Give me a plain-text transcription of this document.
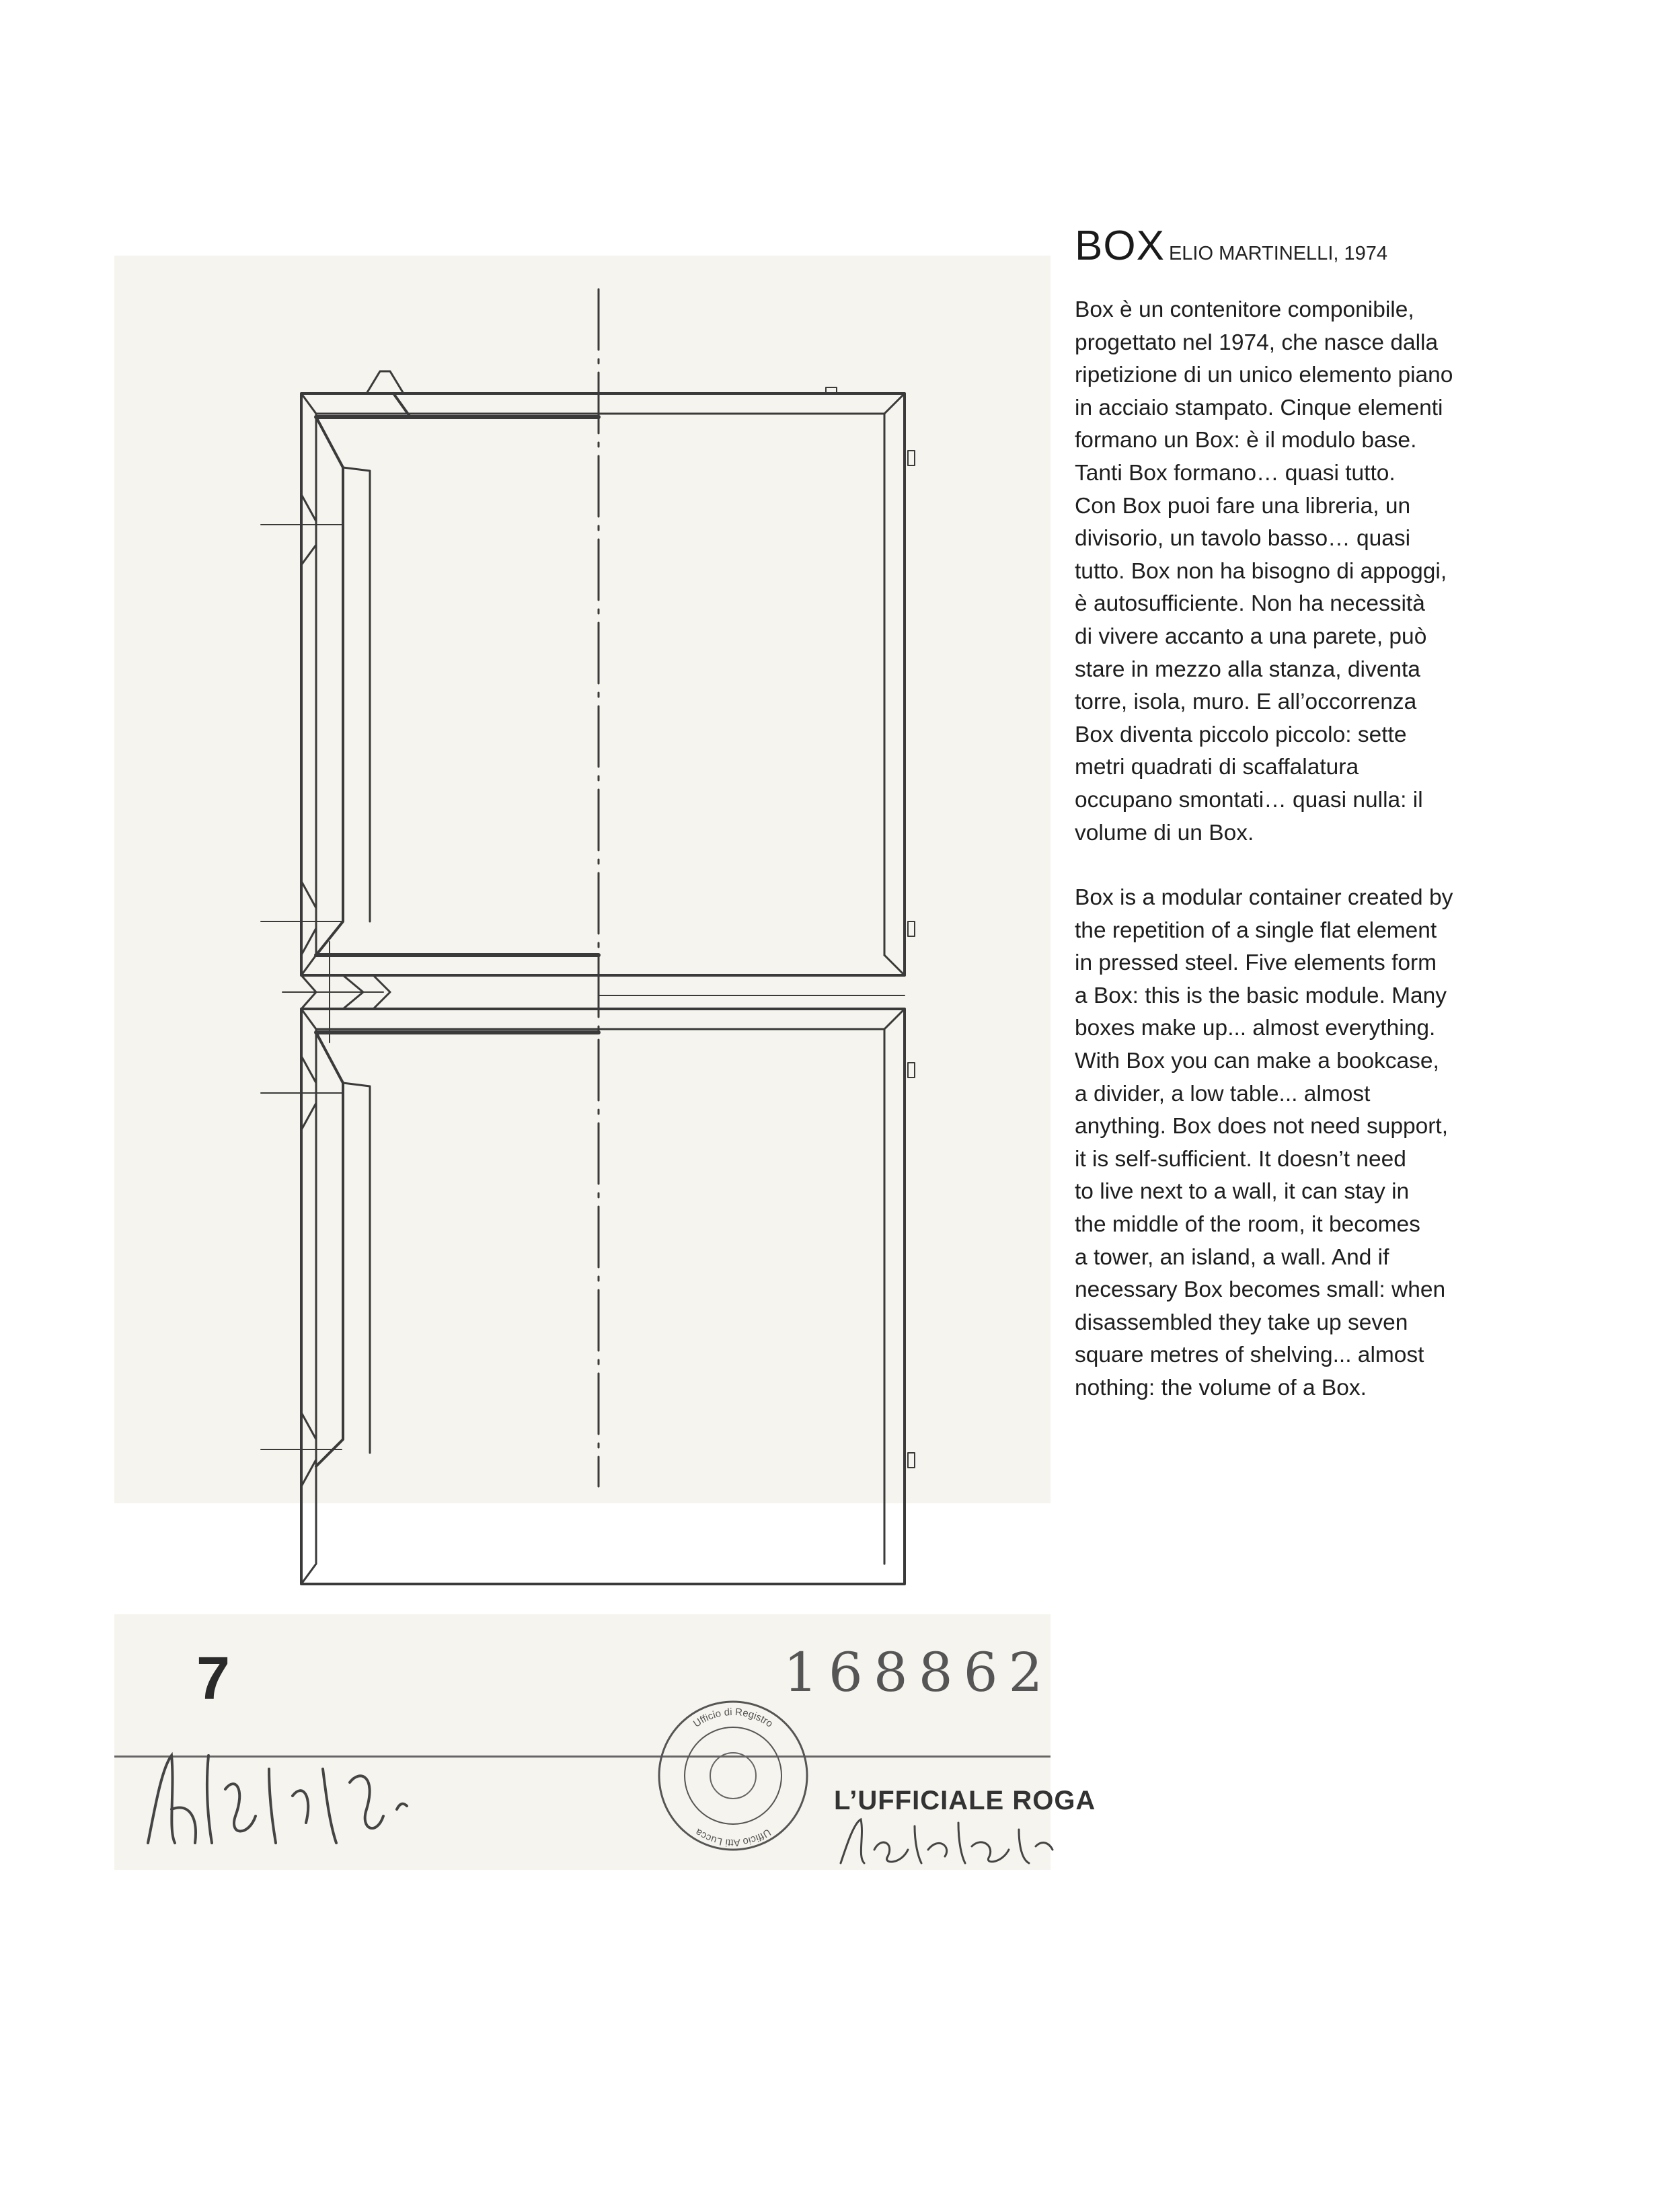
7	168862
Ufficio di Registro
Ufficio Atti Lucca
L’UFFICIALE ROGA

BOX ELIO MARTINELLI, 1974

Box è un contenitore componibile,
progettato nel 1974, che nasce dalla
ripetizione di un unico elemento piano
in acciaio stampato. Cinque elementi
formano un Box: è il modulo base.
Tanti Box formano… quasi tutto.
Con Box puoi fare una libreria, un
divisorio, un tavolo basso… quasi
tutto. Box non ha bisogno di appoggi,
è autosufficiente. Non ha necessità
di vivere accanto a una parete, può
stare in mezzo alla stanza, diventa
torre, isola, muro. E all’occorrenza
Box diventa piccolo piccolo: sette
metri quadrati di scaffalatura
occupano smontati… quasi nulla: il
volume di un Box.

Box is a modular container created by
the repetition of a single flat element
in pressed steel. Five elements form
a Box: this is the basic module. Many
boxes make up... almost everything.
With Box you can make a bookcase,
a divider, a low table... almost
anything. Box does not need support,
it is self-sufficient. It doesn’t need
to live next to a wall, it can stay in
the middle of the room, it becomes
a tower, an island, a wall. And if
necessary Box becomes small: when
disassembled they take up seven
square metres of shelving... almost
nothing: the volume of a Box.
